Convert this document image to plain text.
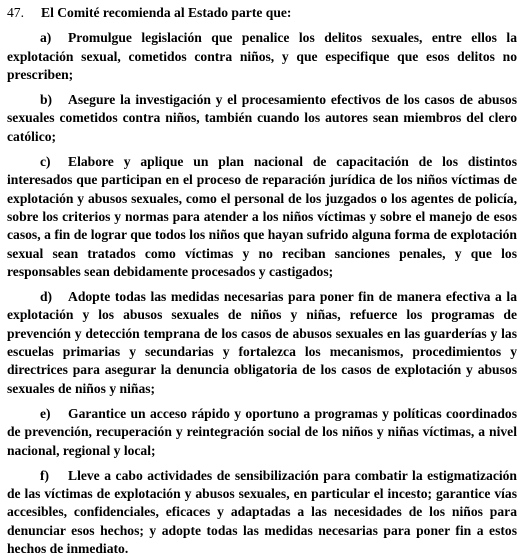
47. El Comité recomienda al Estado parte que:

a) Promulgue legislación que penalice los delitos sexuales, entre ellos la explotación sexual, cometidos contra niños, y que especifique que esos delitos no prescriben;

b) Asegure la investigación y el procesamiento efectivos de los casos de abusos sexuales cometidos contra niños, también cuando los autores sean miembros del clero católico;

c) Elabore y aplique un plan nacional de capacitación de los distintos interesados que participan en el proceso de reparación jurídica de los niños víctimas de explotación y abusos sexuales, como el personal de los juzgados o los agentes de policía, sobre los criterios y normas para atender a los niños víctimas y sobre el manejo de esos casos, a fin de lograr que todos los niños que hayan sufrido alguna forma de explotación sexual sean tratados como víctimas y no reciban sanciones penales, y que los responsables sean debidamente procesados y castigados;

d) Adopte todas las medidas necesarias para poner fin de manera efectiva a la explotación y los abusos sexuales de niños y niñas, refuerce los programas de prevención y detección temprana de los casos de abusos sexuales en las guarderías y las escuelas primarias y secundarias y fortalezca los mecanismos, procedimientos y directrices para asegurar la denuncia obligatoria de los casos de explotación y abusos sexuales de niños y niñas;

e) Garantice un acceso rápido y oportuno a programas y políticas coordinados de prevención, recuperación y reintegración social de los niños y niñas víctimas, a nivel nacional, regional y local;

f) Lleve a cabo actividades de sensibilización para combatir la estigmatización de las víctimas de explotación y abusos sexuales, en particular el incesto; garantice vías accesibles, confidenciales, eficaces y adaptadas a las necesidades de los niños para denunciar esos hechos; y adopte todas las medidas necesarias para poner fin a estos hechos de inmediato.
